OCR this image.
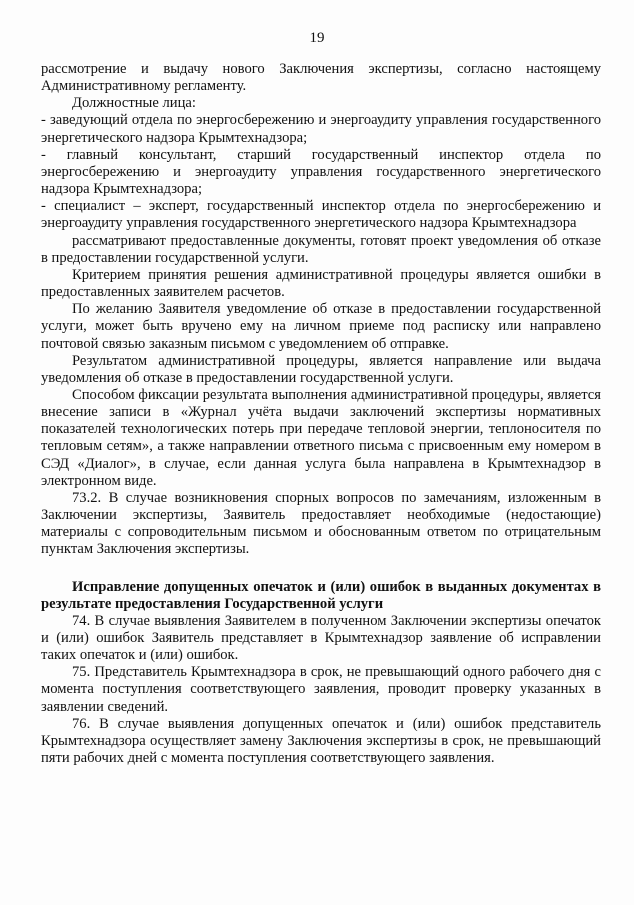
19

рассмотрение и выдачу нового Заключения экспертизы, согласно настоящему Административному регламенту.

Должностные лица:

- заведующий отдела по энергосбережению и энергоаудиту управления государственного энергетического надзора Крымтехнадзора;

- главный консультант, старший государственный инспектор отдела по энергосбережению и энергоаудиту управления государственного энергетического надзора Крымтехнадзора;

- специалист – эксперт, государственный инспектор отдела по энергосбережению и энергоаудиту управления государственного энергетического надзора Крымтехнадзора

рассматривают предоставленные документы, готовят проект уведомления об отказе в предоставлении государственной услуги.

Критерием принятия решения административной процедуры является ошибки в предоставленных заявителем расчетов.

По желанию Заявителя уведомление об отказе в предоставлении государственной услуги, может быть вручено ему на личном приеме под расписку или направлено почтовой связью заказным письмом с уведомлением об отправке.

Результатом административной процедуры, является направление или выдача уведомления об отказе в предоставлении государственной услуги.

Способом фиксации результата выполнения административной процедуры, является внесение записи в «Журнал учёта выдачи заключений экспертизы нормативных показателей технологических потерь при передаче тепловой энергии, теплоносителя по тепловым сетям», а также направлении ответного письма с присвоенным ему номером в СЭД «Диалог», в случае, если данная услуга была направлена в Крымтехнадзор в электронном виде.

73.2. В случае возникновения спорных вопросов по замечаниям, изложенным в Заключении экспертизы, Заявитель предоставляет необходимые (недостающие) материалы с сопроводительным письмом и обоснованным ответом по отрицательным пунктам Заключения экспертизы.

Исправление допущенных опечаток и (или) ошибок в выданных документах в результате предоставления Государственной услуги

74. В случае выявления Заявителем в полученном Заключении экспертизы опечаток и (или) ошибок Заявитель представляет в Крымтехнадзор заявление об исправлении таких опечаток и (или) ошибок.

75. Представитель Крымтехнадзора в срок, не превышающий одного рабочего дня с момента поступления соответствующего заявления, проводит проверку указанных в заявлении сведений.

76. В случае выявления допущенных опечаток и (или) ошибок представитель Крымтехнадзора осуществляет замену Заключения экспертизы в срок, не превышающий пяти рабочих дней с момента поступления соответствующего заявления.
